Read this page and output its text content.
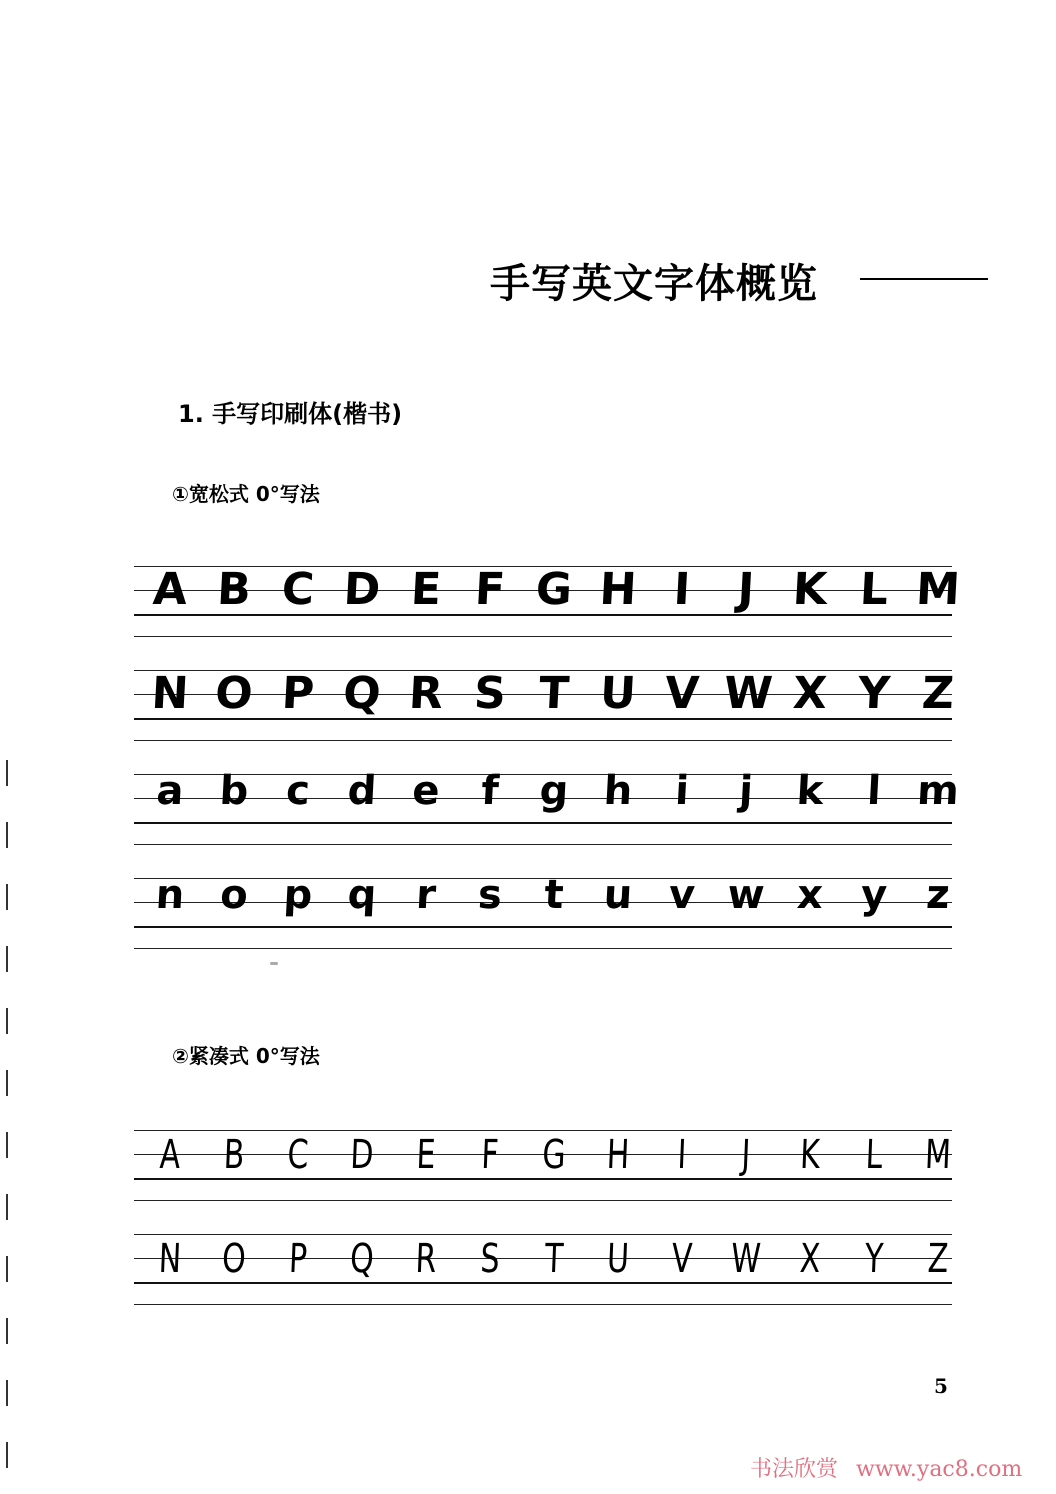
手写英文字体概览
1. 手写印刷体(楷书)
①宽松式 0°写法
②紧凑式 0°写法
A B C D E F G H I	J K L M
N O P Q R S T U V W X Y Z
a b c d e f g h	i	j	k	l m
n o p q r s	t u v w x y z
A B C D E F G H	I	J	K L M
N O P Q R S T U V W X Y Z
5
书法欣赏 www.yac8.com
